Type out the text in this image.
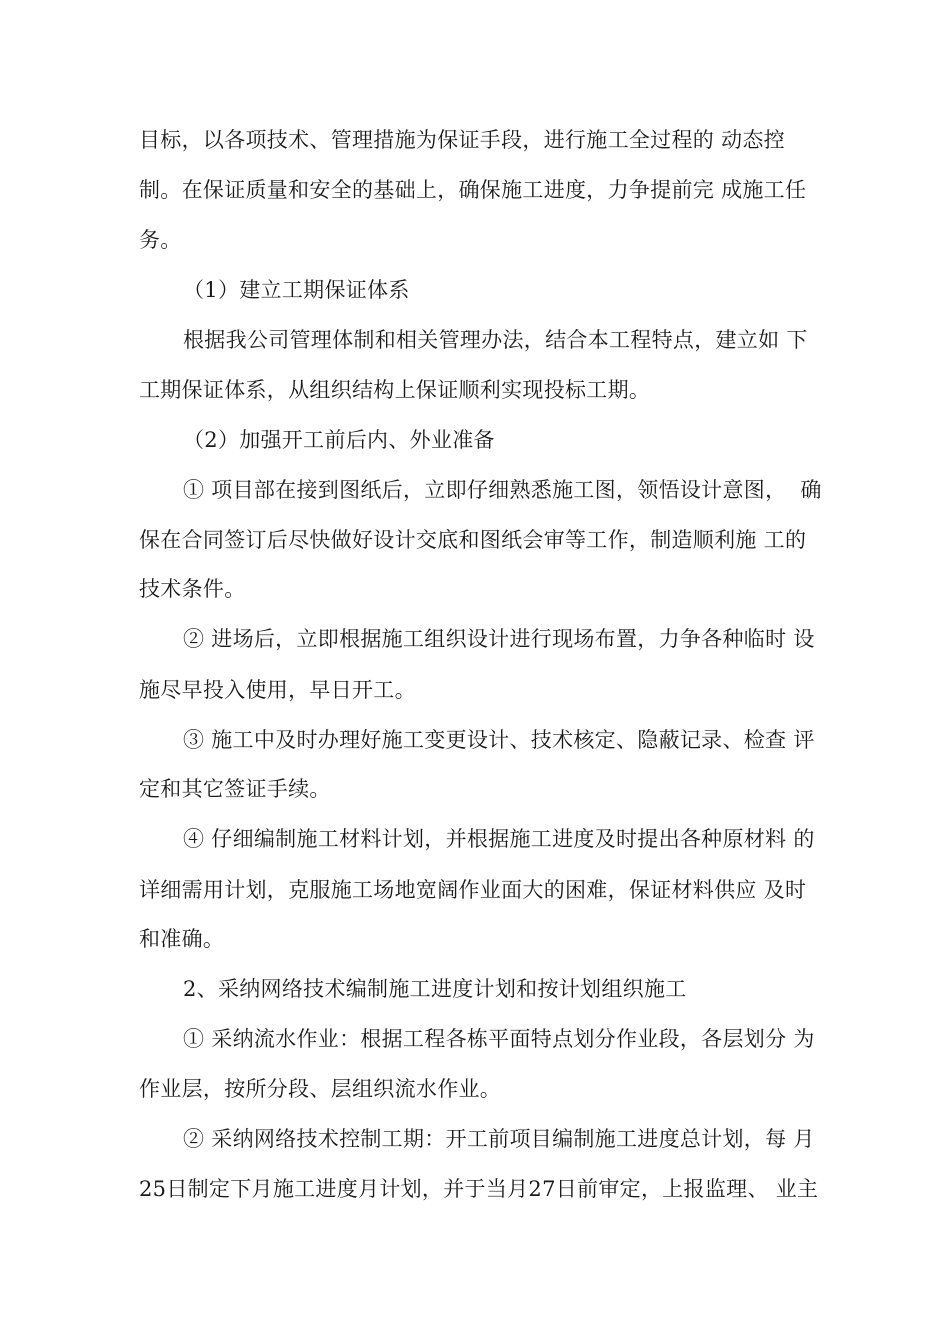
目标，以各项技术、管理措施为保证手段，进行施工全过程的 动态控
制。在保证质量和安全的基础上，确保施工进度，力争提前完 成施工任
务。
（1）建立工期保证体系
根据我公司管理体制和相关管理办法，结合本工程特点，建立如 下
工期保证体系，从组织结构上保证顺利实现投标工期。
（2）加强开工前后内、外业准备
① 项目部在接到图纸后，立即仔细熟悉施工图，领悟设计意图，  确
保在合同签订后尽快做好设计交底和图纸会审等工作，制造顺利施 工的
技术条件。
② 进场后，立即根据施工组织设计进行现场布置，力争各种临时 设
施尽早投入使用，早日开工。
③ 施工中及时办理好施工变更设计、技术核定、隐蔽记录、检查 评
定和其它签证手续。
④ 仔细编制施工材料计划，并根据施工进度及时提出各种原材料 的
详细需用计划，克服施工场地宽阔作业面大的困难，保证材料供应 及时
和准确。
2、采纳网络技术编制施工进度计划和按计划组织施工
① 采纳流水作业：根据工程各栋平面特点划分作业段，各层划分 为
作业层，按所分段、层组织流水作业。
② 采纳网络技术控制工期：开工前项目编制施工进度总计划，每 月
25日制定下月施工进度月计划，并于当月27日前审定，上报监理、 业主
